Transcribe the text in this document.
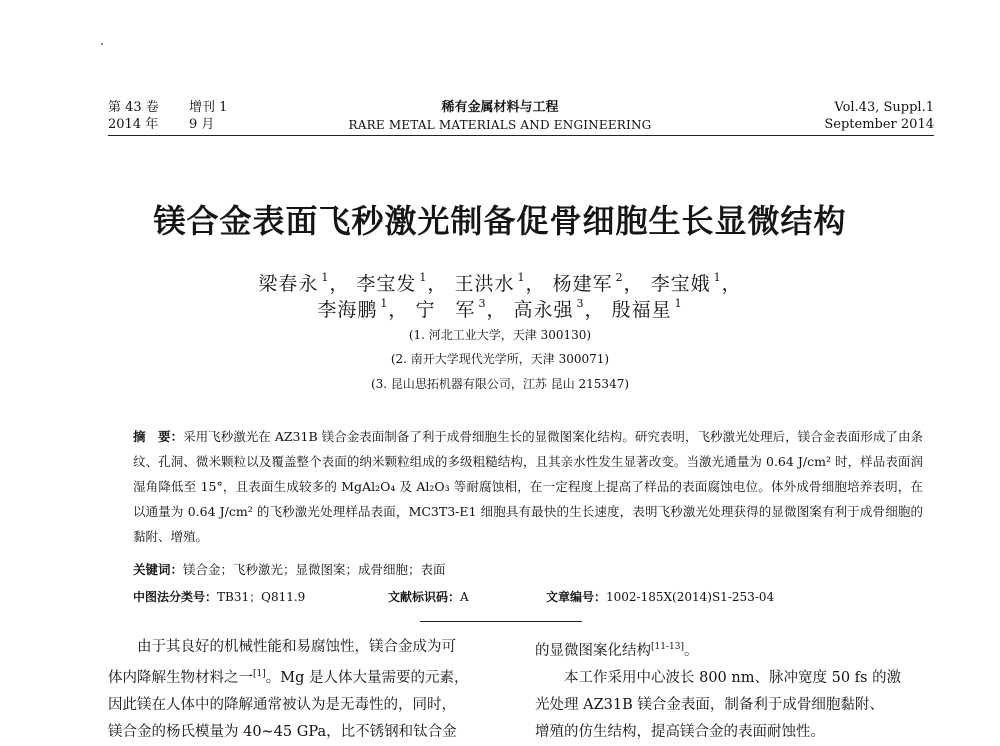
第 43 卷 增刊 1
2014 年 9 月
稀有金属材料与工程
RARE METAL MATERIALS AND ENGINEERING
Vol.43, Suppl.1
September 2014
镁合金表面飞秒激光制备促骨细胞生长显微结构
梁春永 $^1$， 李宝发 $^1$， 王洪水 $^1$， 杨建军 $^2$， 李宝娥 $^1$，
李海鹏 $^1$， 宁　军 $^3$， 高永强 $^3$， 殷福星 $^1$
(1. 河北工业大学，天津 300130)
(2. 南开大学现代光学所，天津 300071)
(3. 昆山思拓机器有限公司，江苏 昆山 215347)
摘　要：采用飞秒激光在 AZ31B 镁合金表面制备了利于成骨细胞生长的显微图案化结构。研究表明，飞秒激光处理后，镁合金表面形成了由条纹、孔洞、微米颗粒以及覆盖整个表面的纳米颗粒组成的多级粗糙结构，且其亲水性发生显著改变。当激光通量为 0.64 J/cm² 时，样品表面润湿角降低至 15°，且表面生成较多的 MgAl₂O₄ 及 Al₂O₃ 等耐腐蚀相，在一定程度上提高了样品的表面腐蚀电位。体外成骨细胞培养表明，在以通量为 0.64 J/cm² 的飞秒激光处理样品表面，MC3T3-E1 细胞具有最快的生长速度，表明飞秒激光处理获得的显微图案有利于成骨细胞的黏附、增殖。
关键词：镁合金；飞秒激光；显微图案；成骨细胞；表面
中图法分类号：TB31；Q811.9	文献标识码：A	文章编号：1002-185X(2014)S1-253-04
　　由于其良好的机械性能和易腐蚀性，镁合金成为可
体内降解生物材料之一[1]。Mg 是人体大量需要的元素，
因此镁在人体中的降解通常被认为是无毒性的，同时，
镁合金的杨氏模量为 40~45 GPa，比不锈钢和钛合金
的显微图案化结构[11-13]。
　　本工作采用中心波长 800 nm、脉冲宽度 50 fs 的激
光处理 AZ31B 镁合金表面，制备利于成骨细胞黏附、
增殖的仿生结构，提高镁合金的表面耐蚀性。
